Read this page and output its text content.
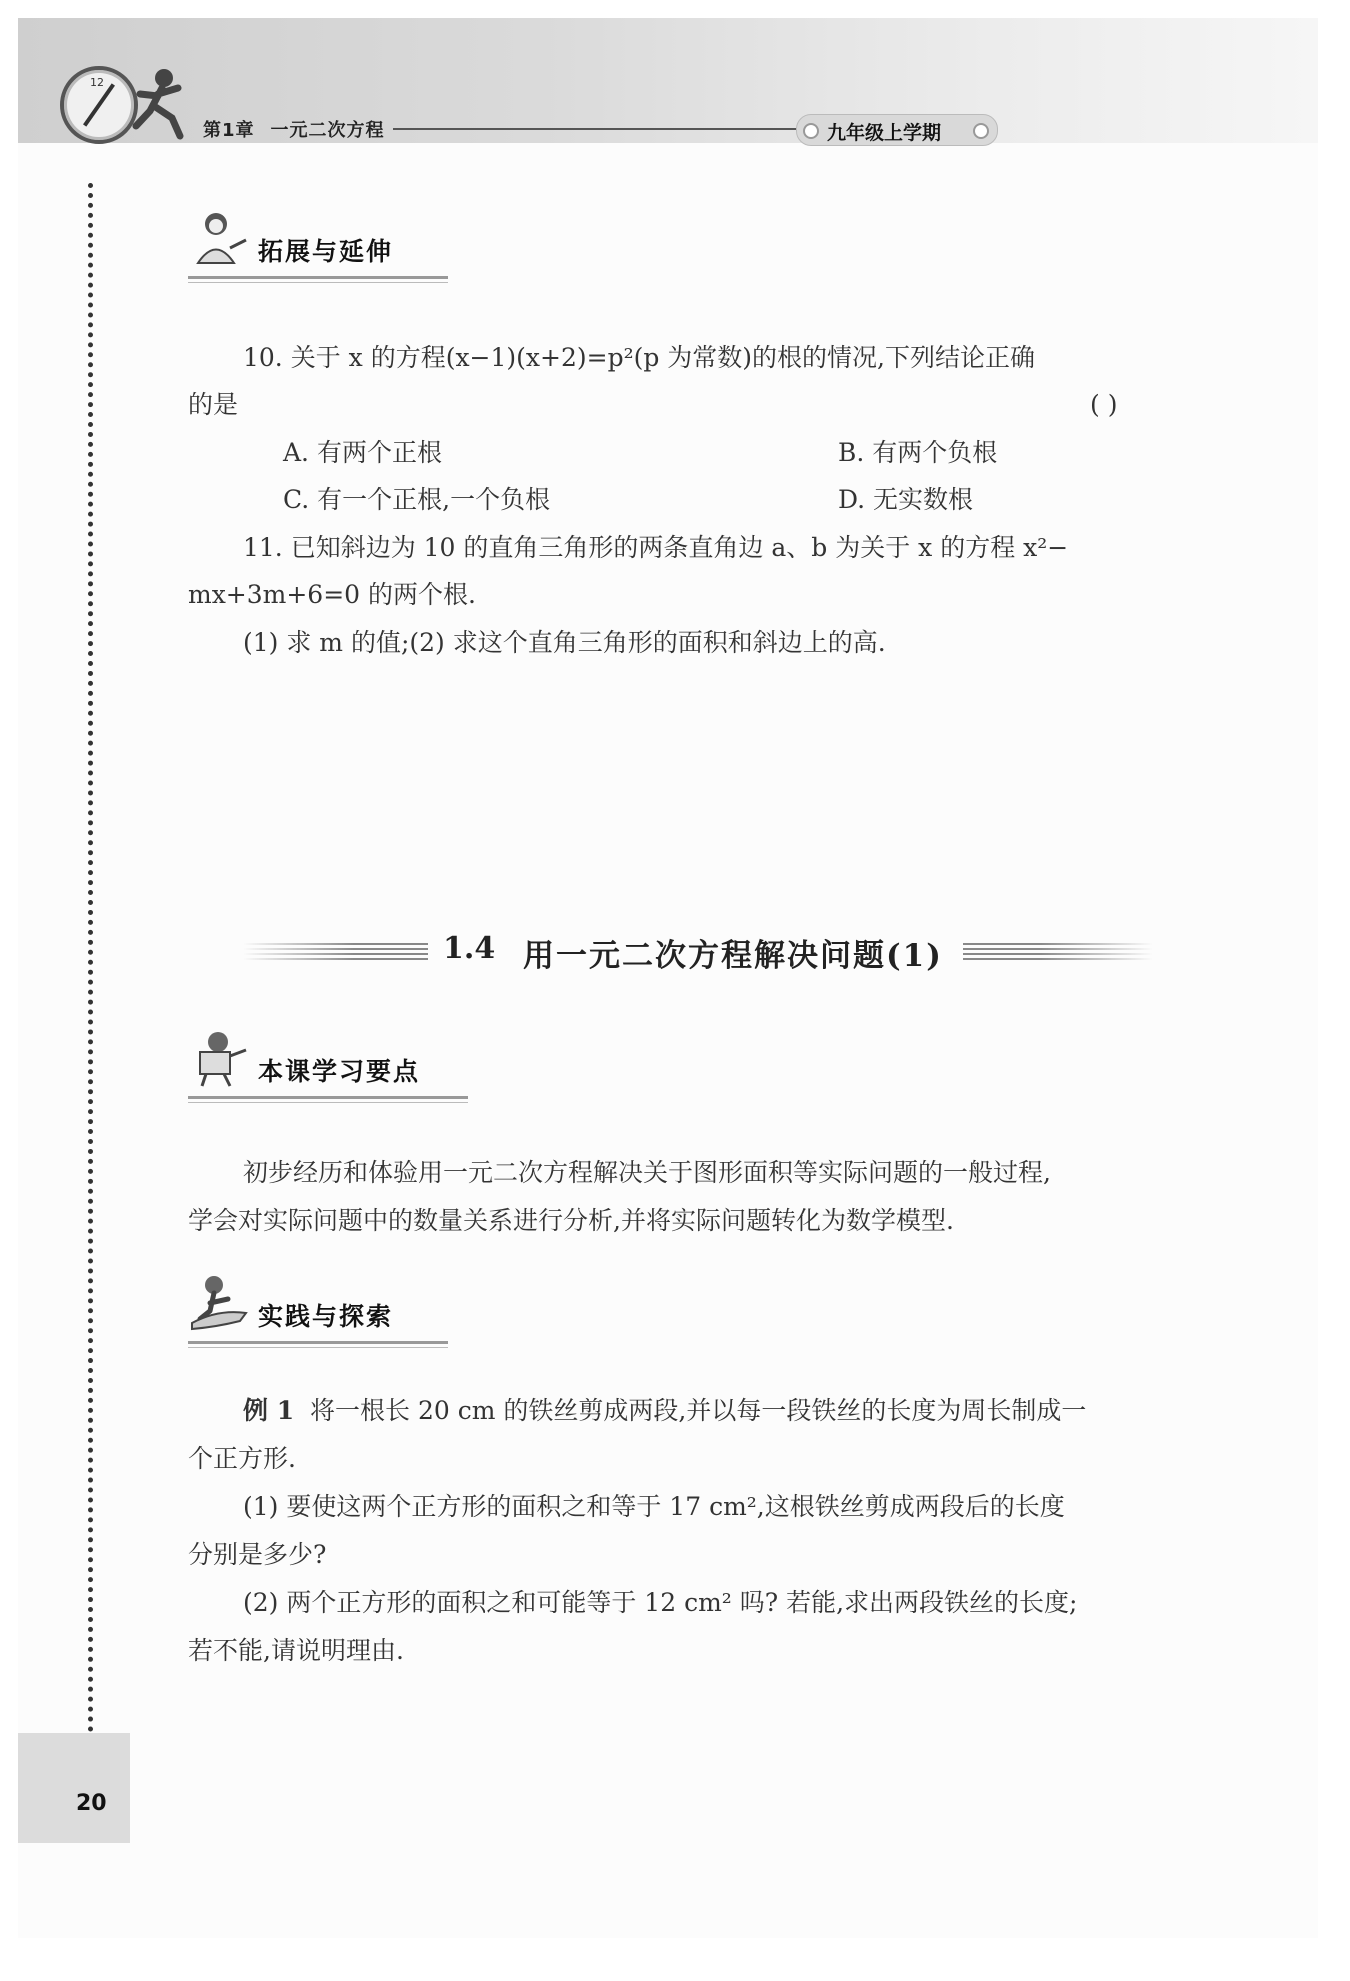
12
第1章 一元二次方程	九年级上学期
拓展与延伸
10. 关于 x 的方程(x−1)(x+2)=p²(p 为常数)的根的情况,下列结论正确
的是	( )
A. 有两个正根	B. 有两个负根
C. 有一个正根,一个负根	D. 无实数根
11. 已知斜边为 10 的直角三角形的两条直角边 a、b 为关于 x 的方程 x²−
mx+3m+6=0 的两个根.
(1) 求 m 的值;(2) 求这个直角三角形的面积和斜边上的高.
1.4 用一元二次方程解决问题(1)
本课学习要点
初步经历和体验用一元二次方程解决关于图形面积等实际问题的一般过程,
学会对实际问题中的数量关系进行分析,并将实际问题转化为数学模型.
实践与探索
例 1 将一根长 20 cm 的铁丝剪成两段,并以每一段铁丝的长度为周长制成一
个正方形.
(1) 要使这两个正方形的面积之和等于 17 cm²,这根铁丝剪成两段后的长度
分别是多少?
(2) 两个正方形的面积之和可能等于 12 cm² 吗? 若能,求出两段铁丝的长度;
若不能,请说明理由.
20
